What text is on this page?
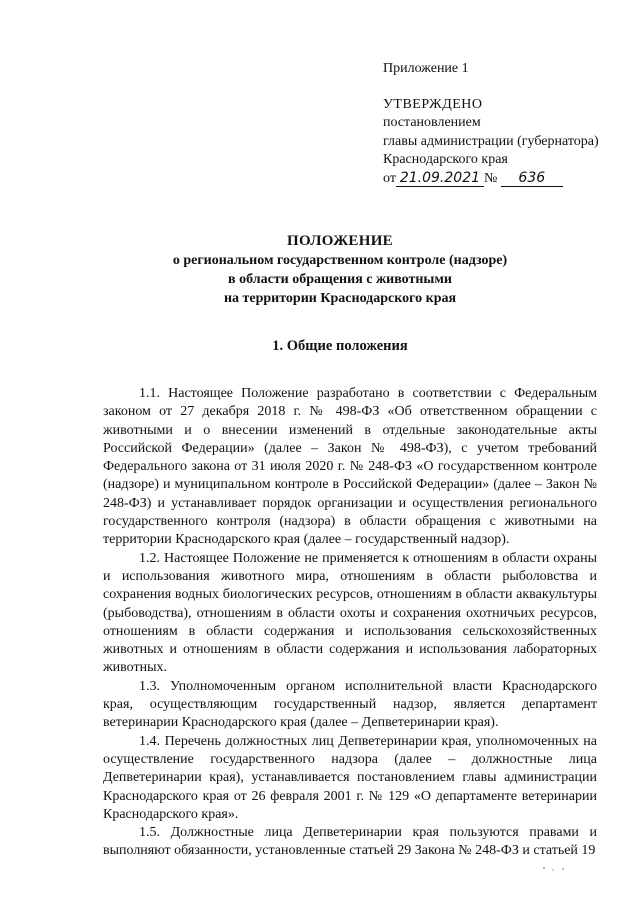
Приложение 1
УТВЕРЖДЕНО
постановлением
главы администрации (губернатора)
Краснодарского края
от 21.09.2021 № 636
ПОЛОЖЕНИЕ
о региональном государственном контроле (надзоре)
в области обращения с животными
на территории Краснодарского края
1. Общие положения

1.1. Настоящее Положение разработано в соответствии с Федеральным законом от 27 декабря 2018 г. № 498-ФЗ «Об ответственном обращении с животными и о внесении изменений в отдельные законодательные акты Российской Федерации» (далее – Закон № 498-ФЗ), с учетом требований Федерального закона от 31 июля 2020 г. № 248-ФЗ «О государственном контроле (надзоре) и муниципальном контроле в Российской Федерации» (далее – Закон № 248-ФЗ) и устанавливает порядок организации и осуществления регионального государственного контроля (надзора) в области обращения с животными на территории Краснодарского края (далее – государственный надзор).

1.2. Настоящее Положение не применяется к отношениям в области охраны и использования животного мира, отношениям в области рыболовства и сохранения водных биологических ресурсов, отношениям в области аквакультуры (рыбоводства), отношениям в области охоты и сохранения охотничьих ресурсов, отношениям в области содержания и использования сельскохозяйственных животных и отношениям в области содержания и использования лабораторных животных.

1.3. Уполномоченным органом исполнительной власти Краснодарского края, осуществляющим государственный надзор, является департамент ветеринарии Краснодарского края (далее – Депветеринарии края).

1.4. Перечень должностных лиц Депветеринарии края, уполномоченных на осуществление государственного надзора (далее – должностные лица Депветеринарии края), устанавливается постановлением главы администрации Краснодарского края от 26 февраля 2001 г. № 129 «О департаменте ветеринарии Краснодарского края».

1.5. Должностные лица Депветеринарии края пользуются правами и выполняют обязанности, установленные статьей 29 Закона № 248-ФЗ и статьей 19
